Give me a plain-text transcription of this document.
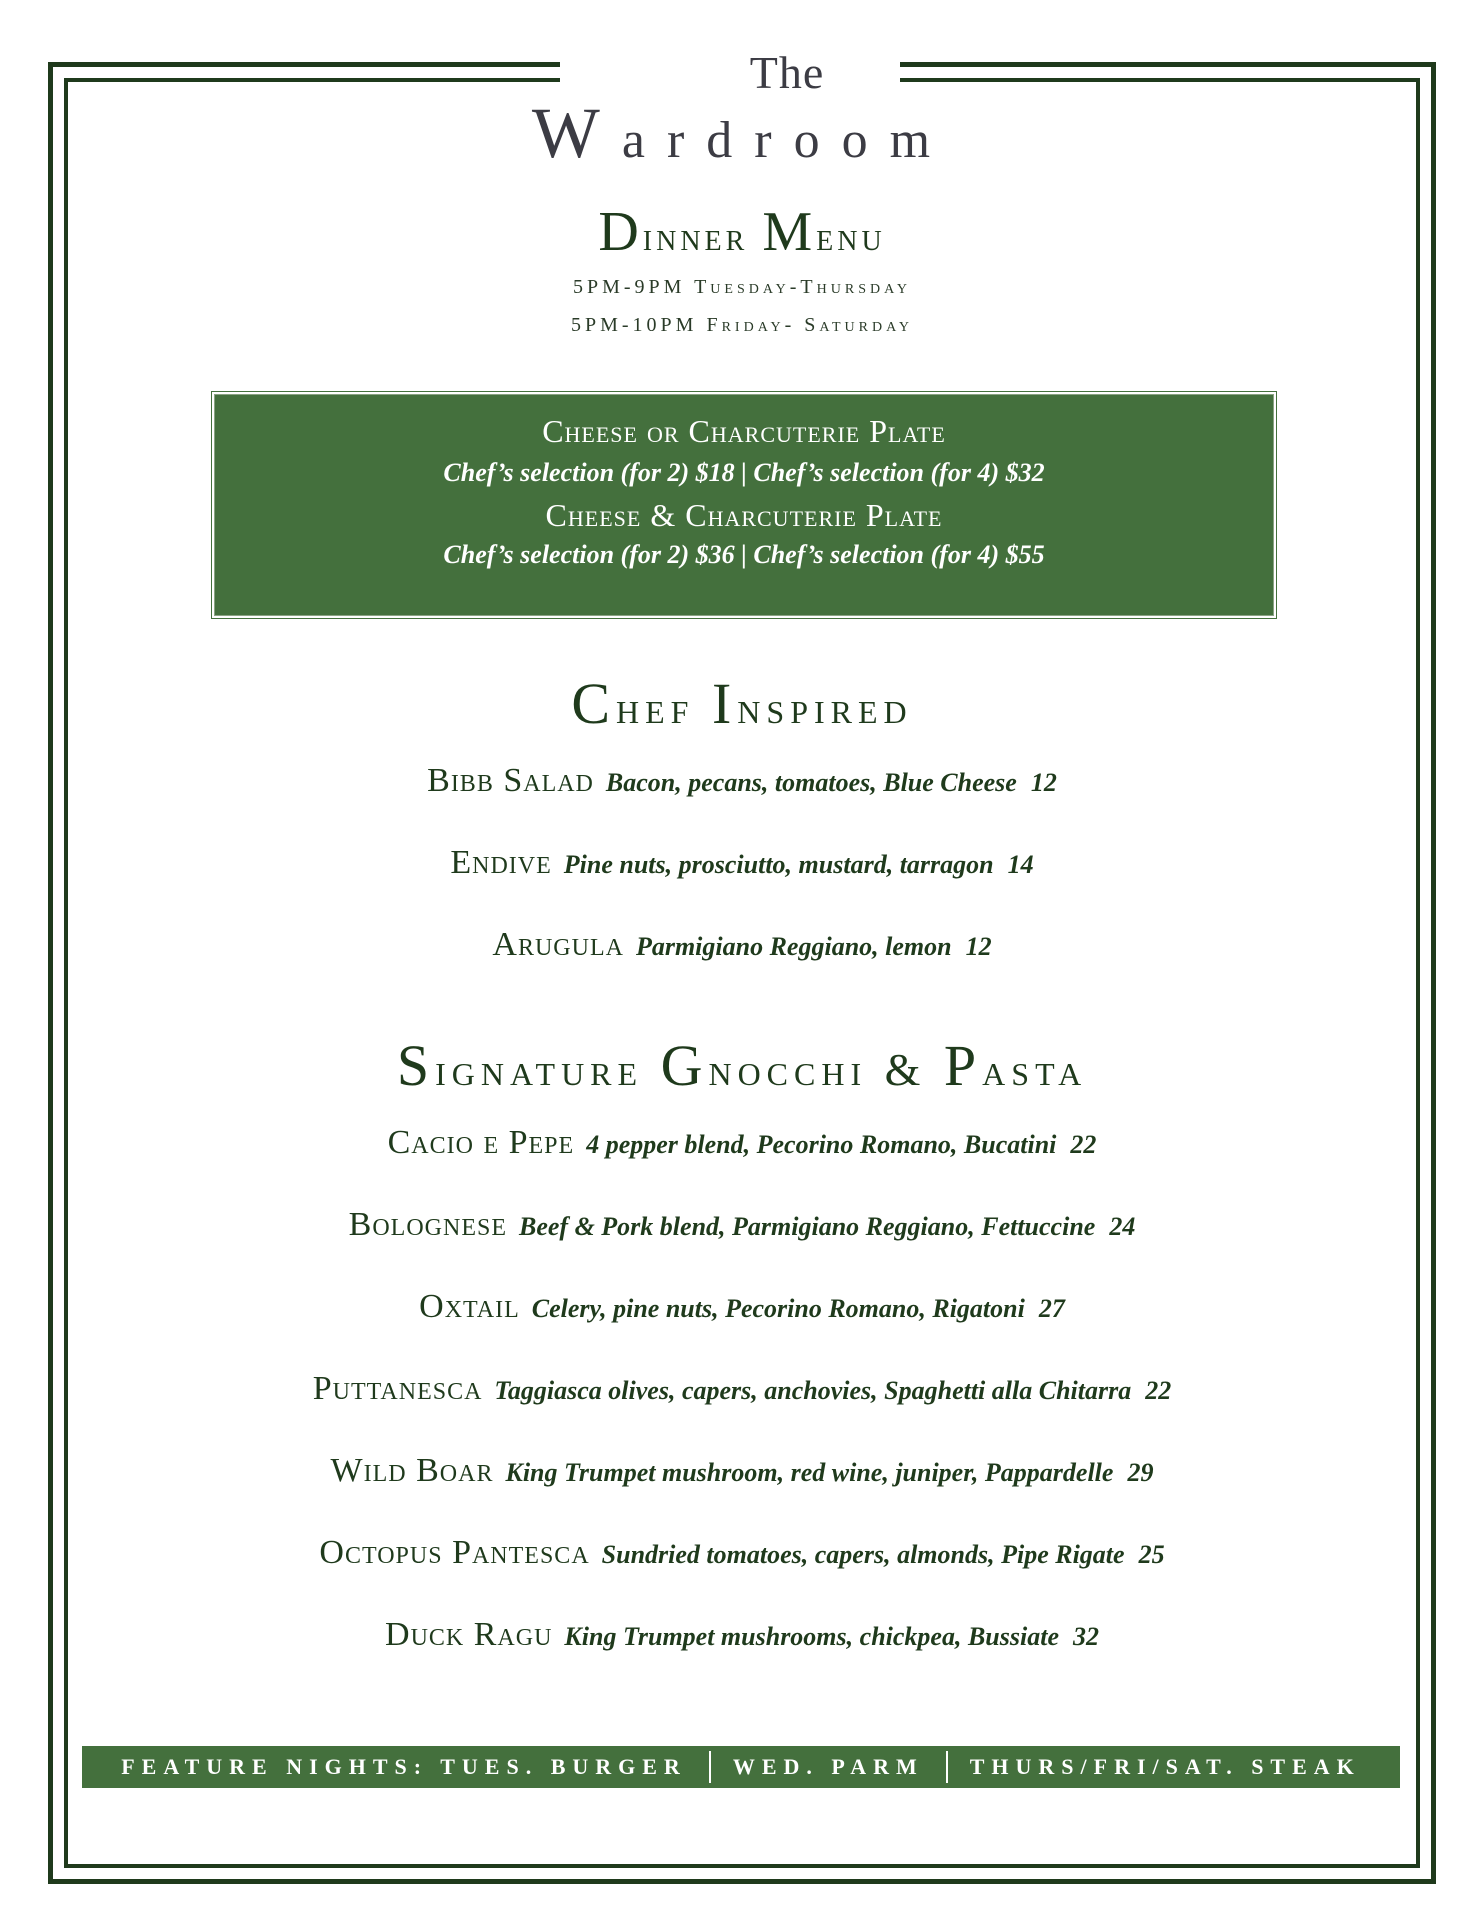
The
Wardroom
Dinner Menu
5PM-9PM Tuesday-Thursday
5PM-10PM Friday- Saturday
Cheese or Charcuterie Plate
Chef’s selection (for 2) $18 | Chef’s selection (for 4) $32
Cheese & Charcuterie Plate
Chef’s selection (for 2) $36 | Chef’s selection (for 4) $55
Chef Inspired
Bibb Salad Bacon, pecans, tomatoes, Blue Cheese 12
Endive Pine nuts, prosciutto, mustard, tarragon 14
Arugula Parmigiano Reggiano, lemon 12
Signature Gnocchi & Pasta
Cacio e Pepe 4 pepper blend, Pecorino Romano, Bucatini 22
Bolognese Beef & Pork blend, Parmigiano Reggiano, Fettuccine 24
Oxtail Celery, pine nuts, Pecorino Romano, Rigatoni 27
Puttanesca Taggiasca olives, capers, anchovies, Spaghetti alla Chitarra 22
Wild Boar King Trumpet mushroom, red wine, juniper, Pappardelle 29
Octopus Pantesca Sundried tomatoes, capers, almonds, Pipe Rigate 25
Duck Ragu King Trumpet mushrooms, chickpea, Bussiate 32
FEATURE NIGHTS: TUES. BURGER WED. PARM THURS/FRI/SAT. STEAK
